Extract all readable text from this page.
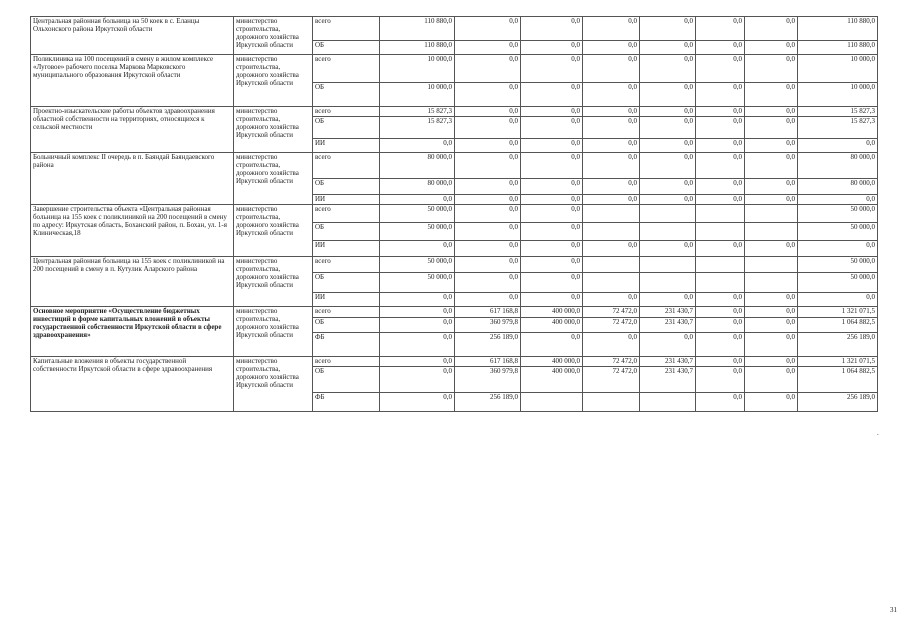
Центральная районная больница на 50 коек в с. Еланцы Ольхонского района Иркутской области	министерство строительства, дорожного хозяйства Иркутской области	всего	110 880,0	0,0	0,0	0,0	0,0	0,0	0,0	110 880,0
		ОБ	110 880,0	0,0	0,0	0,0	0,0	0,0	0,0	110 880,0
Поликлиника на 100 посещений в смену в жилом комплексе «Луговое» рабочего поселка Маркова Марковского муниципального образования Иркутской области	министерство строительства, дорожного хозяйства Иркутской области	всего	10 000,0	0,0	0,0	0,0	0,0	0,0	0,0	10 000,0
		ОБ	10 000,0	0,0	0,0	0,0	0,0	0,0	0,0	10 000,0
Проектно-изыскательские работы объектов здравоохранения областной собственности на территориях, относящихся к сельской местности	министерство строительства, дорожного хозяйства Иркутской области	всего	15 827,3	0,0	0,0	0,0	0,0	0,0	0,0	15 827,3
		ОБ	15 827,3	0,0	0,0	0,0	0,0	0,0	0,0	15 827,3
		ИИ	0,0	0,0	0,0	0,0	0,0	0,0	0,0	0,0
Больничный комплекс II очередь в п. Баяндай Баяндаевского района	министерство строительства, дорожного хозяйства Иркутской области	всего	80 000,0	0,0	0,0	0,0	0,0	0,0	0,0	80 000,0
		ОБ	80 000,0	0,0	0,0	0,0	0,0	0,0	0,0	80 000,0
		ИИ	0,0	0,0	0,0	0,0	0,0	0,0	0,0	0,0
Завершение строительства объекта «Центральная районная больница на 155 коек с поликлиникой на 200 посещений в смену по адресу: Иркутская область, Боханский район, п. Бохан, ул. 1-я Клиническая,18	министерство строительства, дорожного хозяйства Иркутской области	всего	50 000,0	0,0	0,0					50 000,0
		ОБ	50 000,0	0,0	0,0					50 000,0
		ИИ	0,0	0,0	0,0	0,0	0,0	0,0	0,0	0,0
Центральная районная больница на 155 коек с поликлиникой на 200 посещений в смену в п. Кутулик Аларского района	министерство строительства, дорожного хозяйства Иркутской области	всего	50 000,0	0,0	0,0					50 000,0
		ОБ	50 000,0	0,0	0,0					50 000,0
		ИИ	0,0	0,0	0,0	0,0	0,0	0,0	0,0	0,0
Основное мероприятие «Осуществление бюджетных инвестиций в форме капитальных вложений в объекты государственной собственности Иркутской области в сфере здравоохранения»	министерство строительства, дорожного хозяйства Иркутской области	всего	0,0	617 168,8	400 000,0	72 472,0	231 430,7	0,0	0,0	1 321 071,5
		ОБ	0,0	360 979,8	400 000,0	72 472,0	231 430,7	0,0	0,0	1 064 882,5
		ФБ	0,0	256 189,0	0,0	0,0	0,0	0,0	0,0	256 189,0
Капитальные вложения в объекты государственной собственности Иркутской области в сфере здравоохранения	министерство строительства, дорожного хозяйства Иркутской области	всего	0,0	617 168,8	400 000,0	72 472,0	231 430,7	0,0	0,0	1 321 071,5
		ОБ	0,0	360 979,8	400 000,0	72 472,0	231 430,7	0,0	0,0	1 064 882,5
		ФБ	0,0	256 189,0				0,0	0,0	256 189,0
.
31
